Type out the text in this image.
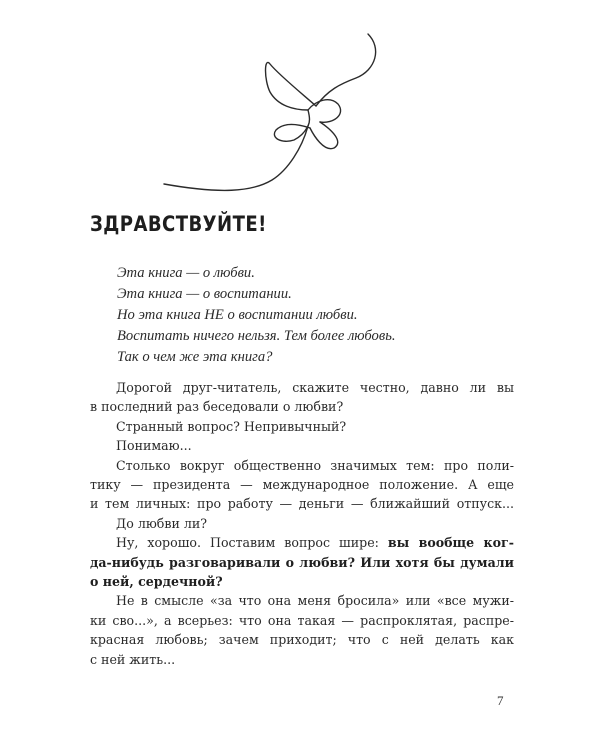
ЗДРАВСТВУЙТЕ!
Эта книга — о любви.
Эта книга — о воспитании.
Но эта книга НЕ о воспитании любви.
Воспитать ничего нельзя. Тем более любовь.
Так о чем же эта книга?
Дорогой друг-читатель, скажите честно, давно ли вы
в последний раз беседовали о любви?
Странный вопрос? Непривычный?
Понимаю...
Столько вокруг общественно значимых тем: про поли-
тику — президента — международное положение. А еще
и тем личных: про работу — деньги — ближайший отпуск...
До любви ли?
Ну, хорошо. Поставим вопрос шире: вы вообще ког-
да-нибудь разговаривали о любви? Или хотя бы думали
о ней, сердечной?
Не в смысле «за что она меня бросила» или «все мужи-
ки сво...», а всерьез: что она такая — распроклятая, распре-
красная любовь; зачем приходит; что с ней делать как
с ней жить...
7
